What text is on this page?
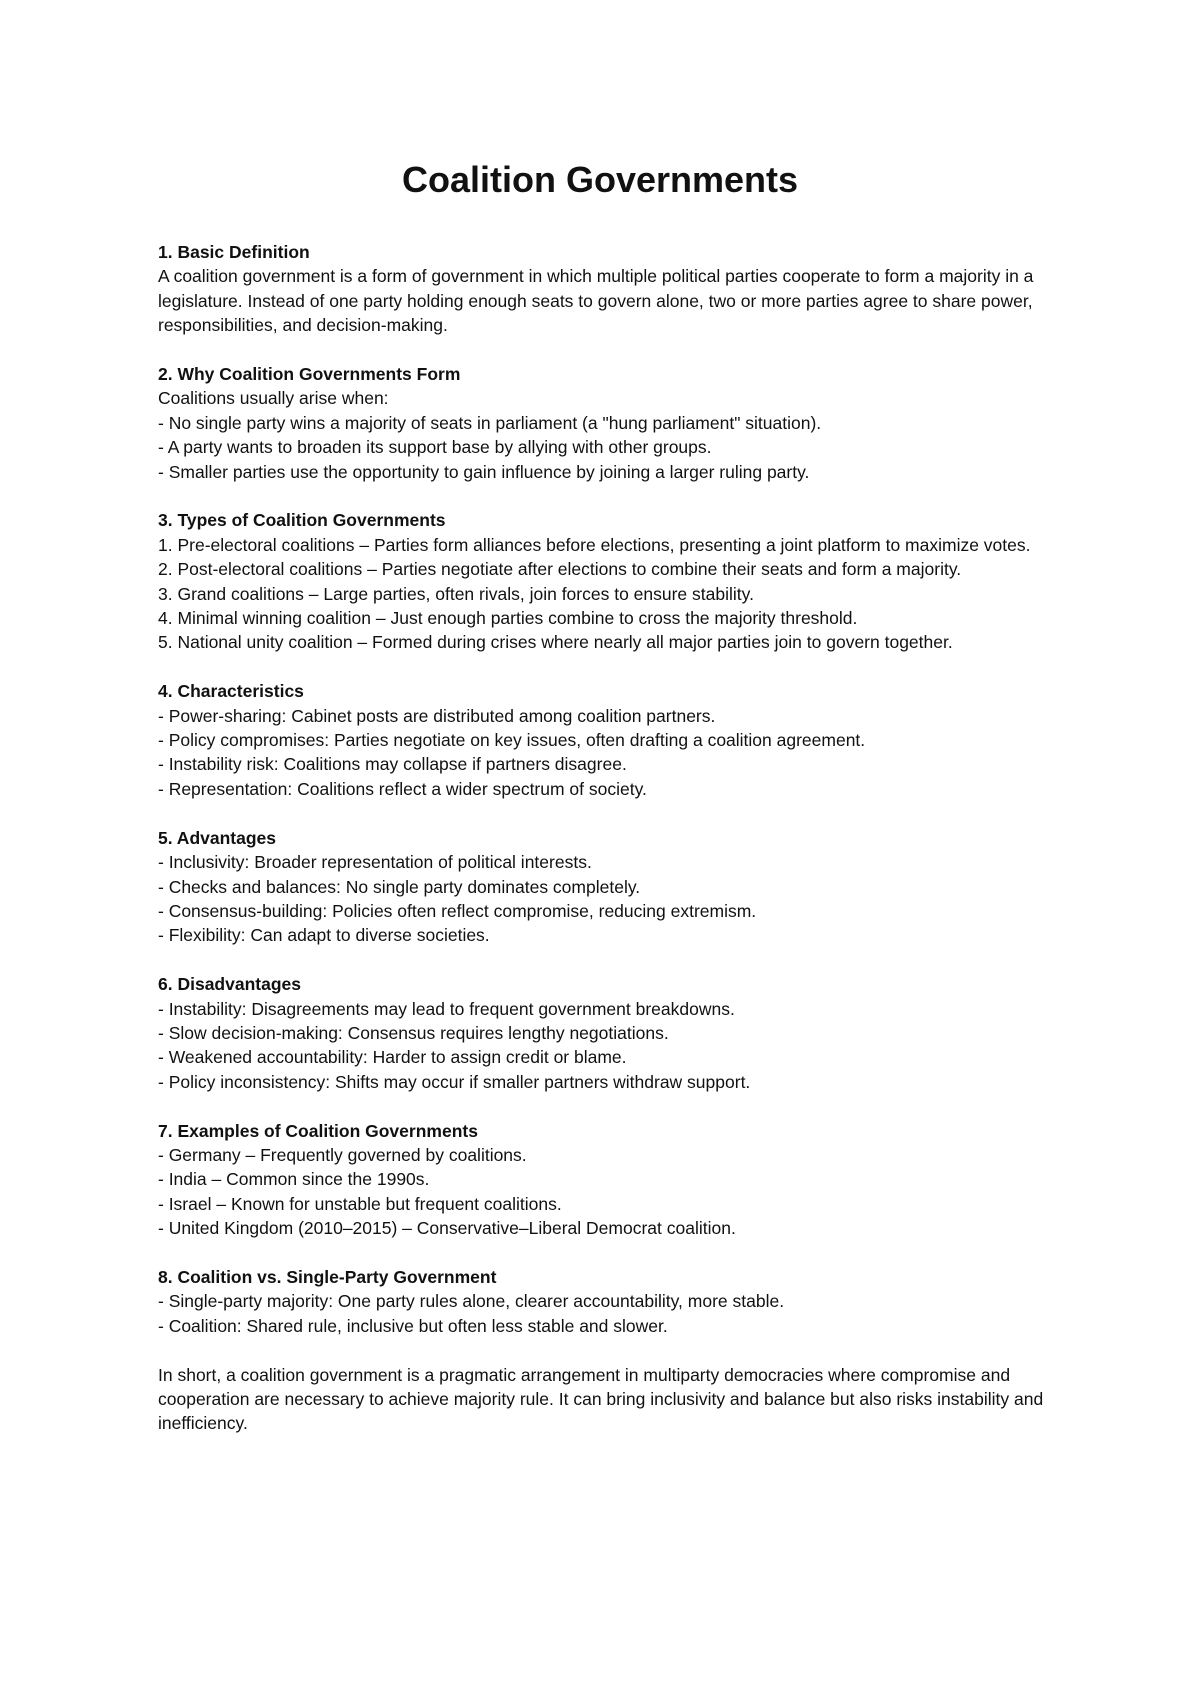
Coalition Governments

1. Basic Definition

A coalition government is a form of government in which multiple political parties cooperate to form a majority in a legislature. Instead of one party holding enough seats to govern alone, two or more parties agree to share power, responsibilities, and decision-making.

2. Why Coalition Governments Form

Coalitions usually arise when:

- No single party wins a majority of seats in parliament (a "hung parliament" situation).

- A party wants to broaden its support base by allying with other groups.

- Smaller parties use the opportunity to gain influence by joining a larger ruling party.

3. Types of Coalition Governments

1. Pre-electoral coalitions – Parties form alliances before elections, presenting a joint platform to maximize votes.

2. Post-electoral coalitions – Parties negotiate after elections to combine their seats and form a majority.

3. Grand coalitions – Large parties, often rivals, join forces to ensure stability.

4. Minimal winning coalition – Just enough parties combine to cross the majority threshold.

5. National unity coalition – Formed during crises where nearly all major parties join to govern together.

4. Characteristics

- Power-sharing: Cabinet posts are distributed among coalition partners.

- Policy compromises: Parties negotiate on key issues, often drafting a coalition agreement.

- Instability risk: Coalitions may collapse if partners disagree.

- Representation: Coalitions reflect a wider spectrum of society.

5. Advantages

- Inclusivity: Broader representation of political interests.

- Checks and balances: No single party dominates completely.

- Consensus-building: Policies often reflect compromise, reducing extremism.

- Flexibility: Can adapt to diverse societies.

6. Disadvantages

- Instability: Disagreements may lead to frequent government breakdowns.

- Slow decision-making: Consensus requires lengthy negotiations.

- Weakened accountability: Harder to assign credit or blame.

- Policy inconsistency: Shifts may occur if smaller partners withdraw support.

7. Examples of Coalition Governments

- Germany – Frequently governed by coalitions.

- India – Common since the 1990s.

- Israel – Known for unstable but frequent coalitions.

- United Kingdom (2010–2015) – Conservative–Liberal Democrat coalition.

8. Coalition vs. Single-Party Government

- Single-party majority: One party rules alone, clearer accountability, more stable.

- Coalition: Shared rule, inclusive but often less stable and slower.

In short, a coalition government is a pragmatic arrangement in multiparty democracies where compromise and cooperation are necessary to achieve majority rule. It can bring inclusivity and balance but also risks instability and inefficiency.
